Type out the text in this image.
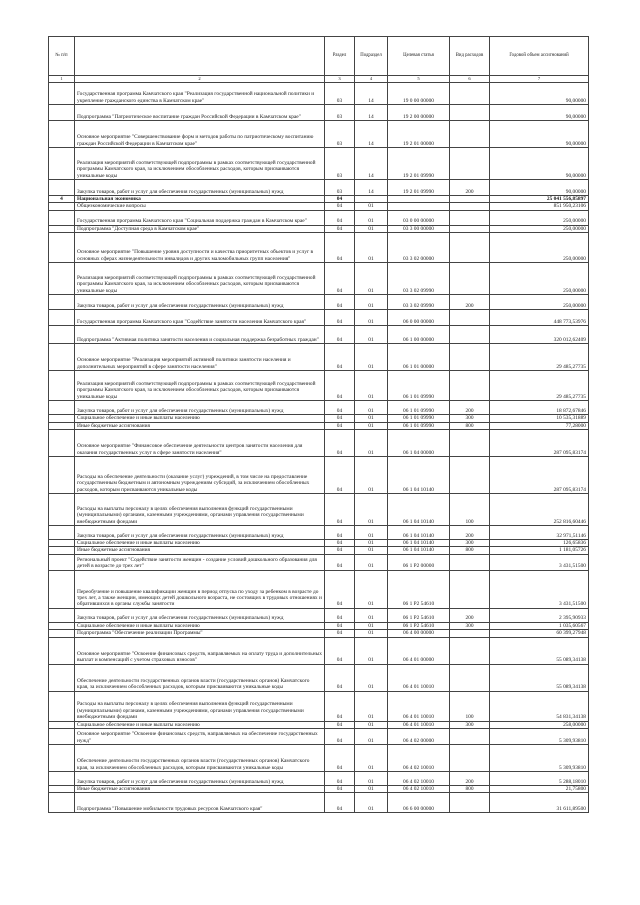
№ п/п		Раздел	Подраздел	Целевая статья	Вид расходов	Годовой объем ассигнований
1	2	3	4	5	6	7
	Государственная программа Камчатского края "Реализация государственной национальной политики и укрепление гражданского единства в Камчатском крае"	03	14	19 0 00 00000		90,00000
	Подпрограмма "Патриотическое воспитание граждан Российской Федерации в Камчатском крае"	03	14	19 2 00 00000		90,00000
	Основное мероприятие "Совершенствование форм и методов работы по патриотическому воспитанию граждан Российской Федерации в Камчатском крае"	03	14	19 2 01 00000		90,00000
	Реализация мероприятий соответствующей подпрограммы в рамках соответствующей государственной программы Камчатского края, за исключением обособленных расходов, которым присваиваются уникальные коды	03	14	19 2 01 09990		90,00000
	Закупка товаров, работ и услуг для обеспечения государственных (муниципальных) нужд	03	14	19 2 01 09990	200	90,00000
4	Национальная экономика	04				25 041 556,85897
	Общеэкономические вопросы	04	01			851 950,23106
	Государственная программа Камчатского края "Социальная поддержка граждан в Камчатском крае"	04	01	03 0 00 00000		250,00000
	Подпрограмма "Доступная среда в Камчатском крае"	04	01	03 3 00 00000		250,00000
	Основное мероприятие "Повышение уровня доступности и качества приоритетных объектов и услуг в основных сферах жизнедеятельности инвалидов и других маломобильных групп населения"	04	01	03 3 02 00000		250,00000
	Реализация мероприятий соответствующей подпрограммы в рамках соответствующей государственной программы Камчатского края, за исключением обособленных расходов, которым присваиваются уникальные коды	04	01	03 3 02 09990		250,00000
	Закупка товаров, работ и услуг для обеспечения государственных (муниципальных) нужд	04	01	03 3 02 09990	200	250,00000
	Государственная программа Камчатского края "Содействие занятости населения Камчатского края"	04	01	06 0 00 00000		448 773,53976
	Подпрограмма "Активная политика занятости населения и социальная поддержка безработных граждан"	04	01	06 1 00 00000		320 012,62409
	Основное мероприятие "Реализация мероприятий активной политики занятости населения и дополнительных мероприятий в сфере занятости населения"	04	01	06 1 01 00000		29 485,27735
	Реализация мероприятий соответствующей подпрограммы в рамках соответствующей государственной программы Камчатского края, за исключением обособленных расходов, которым присваиваются уникальные коды	04	01	06 1 01 09990		29 485,27735
	Закупка товаров, работ и услуг для обеспечения государственных (муниципальных) нужд	04	01	06 1 01 09990	200	18 872,67846
	Социальное обеспечение и иные выплаты населению	04	01	06 1 01 09990	300	10 535,31889
	Иные бюджетные ассигнования	04	01	06 1 01 09990	800	77,28000
	Основное мероприятие "Финансовое обеспечение деятельности центров занятости населения для оказания государственных услуг в сфере занятости населения"	04	01	06 1 04 00000		287 095,83174
	Расходы на обеспечение деятельности (оказание услуг) учреждений, в том числе на предоставление государственным бюджетным и автономным учреждениям субсидий, за исключением обособленных расходов, которым присваиваются уникальные коды	04	01	06 1 04 10140		287 095,83174
	Расходы на выплаты персоналу в целях обеспечения выполнения функций государственными (муниципальными) органами, казенными учреждениями, органами управления государственными внебюджетными фондами	04	01	06 1 04 10140	100	252 816,60446
	Закупка товаров, работ и услуг для обеспечения государственных (муниципальных) нужд	04	01	06 1 04 10140	200	32 971,51146
	Социальное обеспечение и иные выплаты населению	04	01	06 1 04 10140	300	126,65836
	Иные бюджетные ассигнования	04	01	06 1 04 10140	800	1 181,05726
	Региональный проект "Содействие занятости женщин - создание условий дошкольного образования для детей в возрасте до трех лет"	04	01	06 1 P2 00000		3 431,51500
	Переобучение и повышение квалификации женщин в период отпуска по уходу за ребенком в возрасте до трех лет, а также женщин, имеющих детей дошкольного возраста, не состоящих в трудовых отношениях и обратившихся в органы службы занятости	04	01	06 1 P2 54610		3 431,51500
	Закупка товаров, работ и услуг для обеспечения государственных (муниципальных) нужд	04	01	06 1 P2 54610	200	2 395,90933
	Социальное обеспечение и иные выплаты населению	04	01	06 1 P2 54610	300	1 035,60567
	Подпрограмма "Обеспечение реализации Программы"	04	01	06 4 00 00000		60 399,27948
	Основное мероприятие "Освоение финансовых средств, направляемых на оплату труда и дополнительных выплат и компенсаций с учетом страховых взносов"	04	01	06 4 01 00000		55 089,34138
	Обеспечение деятельности государственных органов власти (государственных органов) Камчатского края, за исключением обособленных расходов, которым присваиваются уникальные коды	04	01	06 4 01 10010		55 089,34138
	Расходы на выплаты персоналу в целях обеспечения выполнения функций государственными (муниципальными) органами, казенными учреждениями, органами управления государственными внебюджетными фондами	04	01	06 4 01 10010	100	54 831,34138
	Социальное обеспечение и иные выплаты населению	04	01	06 4 01 10010	300	258,00000
	Основное мероприятие "Освоение финансовых средств, направляемых на обеспечение государственных нужд"	04	01	06 4 02 00000		5 309,93810
	Обеспечение деятельности государственных органов власти (государственных органов) Камчатского края, за исключением обособленных расходов, которым присваиваются уникальные коды	04	01	06 4 02 10010		5 309,93810
	Закупка товаров, работ и услуг для обеспечения государственных (муниципальных) нужд	04	01	06 4 02 10010	200	5 288,18010
	Иные бюджетные ассигнования	04	01	06 4 02 10010	800	21,75800
	Подпрограмма "Повышение мобильности трудовых ресурсов Камчатского края"	04	01	06 6 00 00000		31 611,89500
